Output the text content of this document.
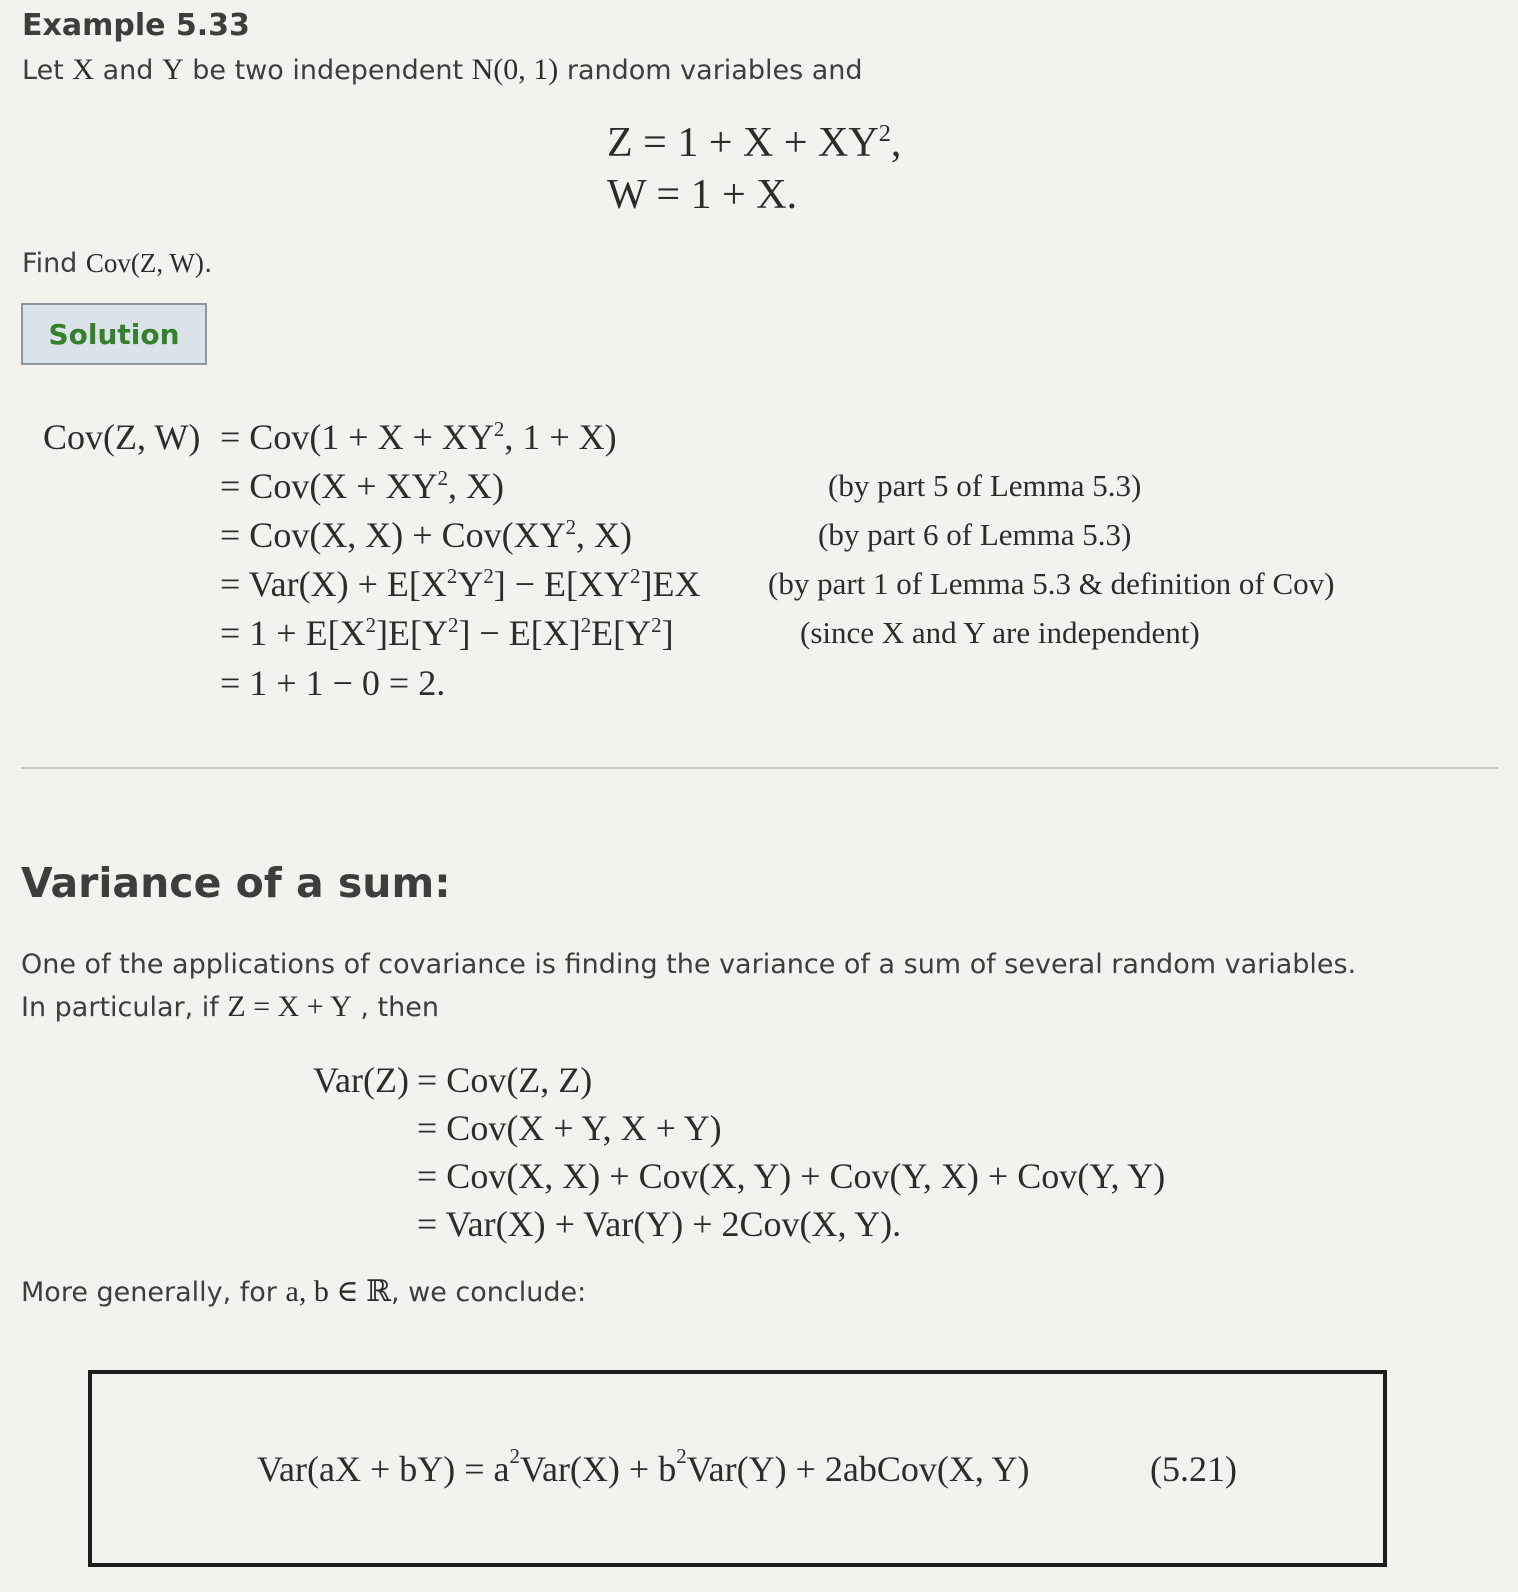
Example 5.33
Let X and Y be two independent N(0, 1) random variables and
$Z = 1 + X + XY^2$,
W = 1 + X.
Find Cov(Z, W).
Solution
Cov(Z, $W) = Cov(1 + X + XY^2$, 1 + X)
= $Cov(X + XY^2$, X)	(by part 5 of Lemma 5.3)
= Cov(X, $X) + Cov(XY^2$, X)	(by part 6 of Lemma 5.3)
= $Var(X) + E[X^2Y^2] - E[XY^2]EX$ (by part 1 of Lemma 5.3 & definition of Cov)
= $1 + E[X^2]E[Y^2] - E[X]^2E[Y^2]$	(since X and Y are independent)
= 1 + 1 − 0 = 2.
Variance of a sum:
One of the applications of covariance is finding the variance of a sum of several random variables.
In particular, if Z = X + Y , then
Var(Z) = Cov(Z, Z)
= Cov(X + Y, X + Y)
= Cov(X, X) + Cov(X, Y) + Cov(Y, X) + Cov(Y, Y)
= Var(X) + Var(Y) + 2Cov(X, Y).
More generally, for a, b ∈ ℝ, we conclude:
$Var(aX + bY) = a^2$ $Var(X) + b^2$ Var(Y) + 2abCov(X, Y)	(5.21)
